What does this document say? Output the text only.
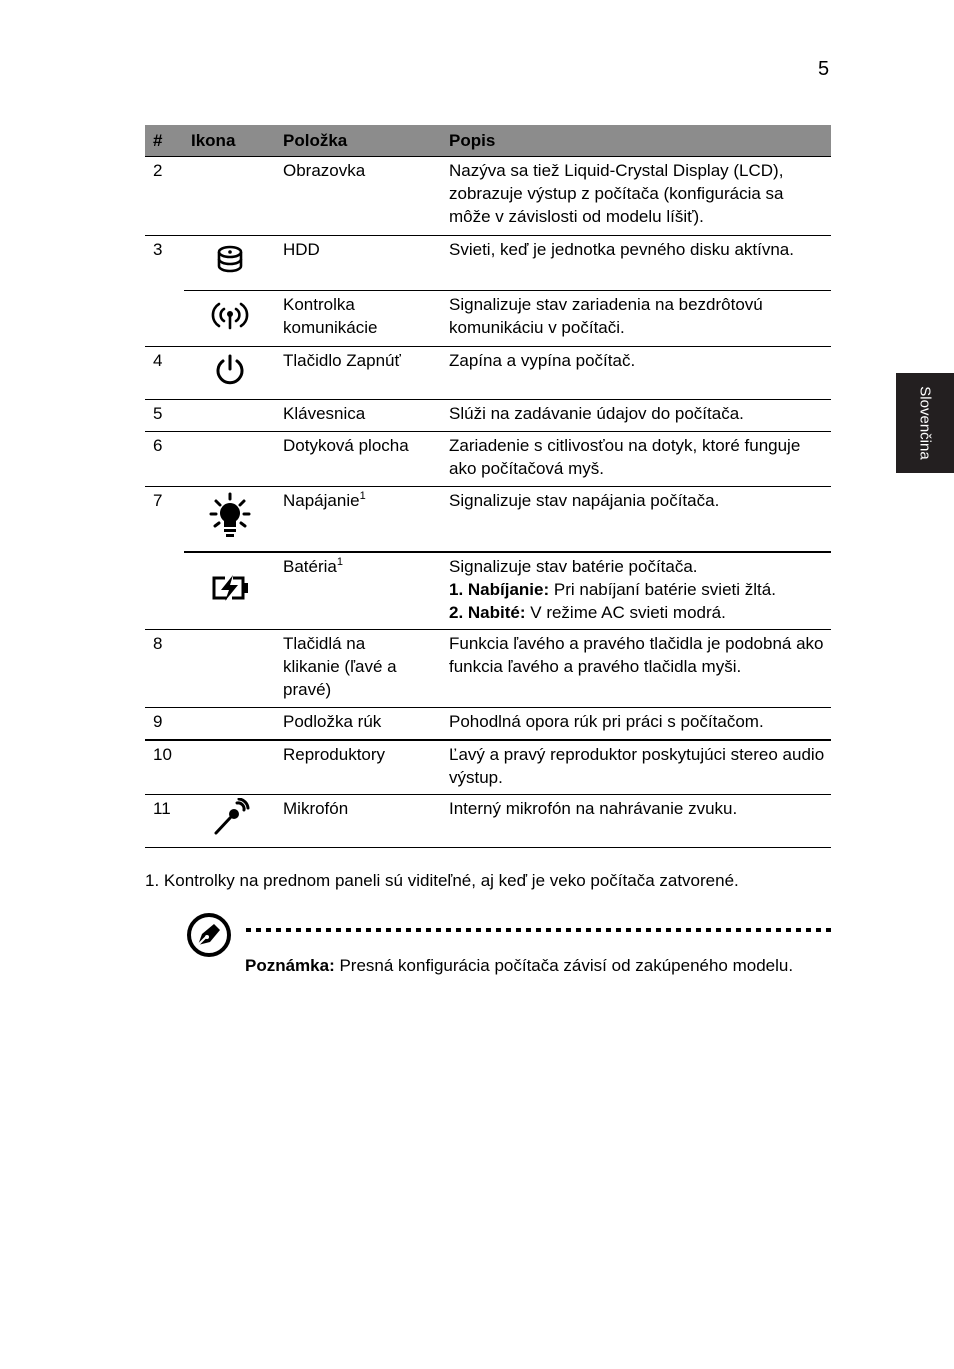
5
Slovenčina
#	Ikona	Položka	Popis
2		Obrazovka	Nazýva sa tiež Liquid-Crystal Display (LCD), zobrazuje výstup z počítača (konfigurácia sa môže v závislosti od modelu líšiť).
3		HDD	Svieti, keď je jednotka pevného disku aktívna.
		Kontrolka komunikácie	Signalizuje stav zariadenia na bezdrôtovú komunikáciu v počítači.
4		Tlačidlo Zapnúť	Zapína a vypína počítač.
5		Klávesnica	Slúži na zadávanie údajov do počítača.
6		Dotyková plocha	Zariadenie s citlivosťou na dotyk, ktoré funguje ako počítačová myš.
7		Napájanie$^1$	Signalizuje stav napájania počítača.
		Batéria$^1$	Signalizuje stav batérie počítača.
1. Nabíjanie: Pri nabíjaní batérie svieti žltá.
2. Nabité: V režime AC svieti modrá.

8		Tlačidlá na klikanie (ľavé a pravé)	Funkcia ľavého a pravého tlačidla je podobná ako funkcia ľavého a pravého tlačidla myši.
9		Podložka rúk	Pohodlná opora rúk pri práci s počítačom.
10		Reproduktory	Ľavý a pravý reproduktor poskytujúci stereo audio výstup.
11		Mikrofón	Interný mikrofón na nahrávanie zvuku.
1. Kontrolky na prednom paneli sú viditeľné, aj keď je veko počítača zatvorené.
Poznámka: Presná konfigurácia počítača závisí od zakúpeného modelu.
